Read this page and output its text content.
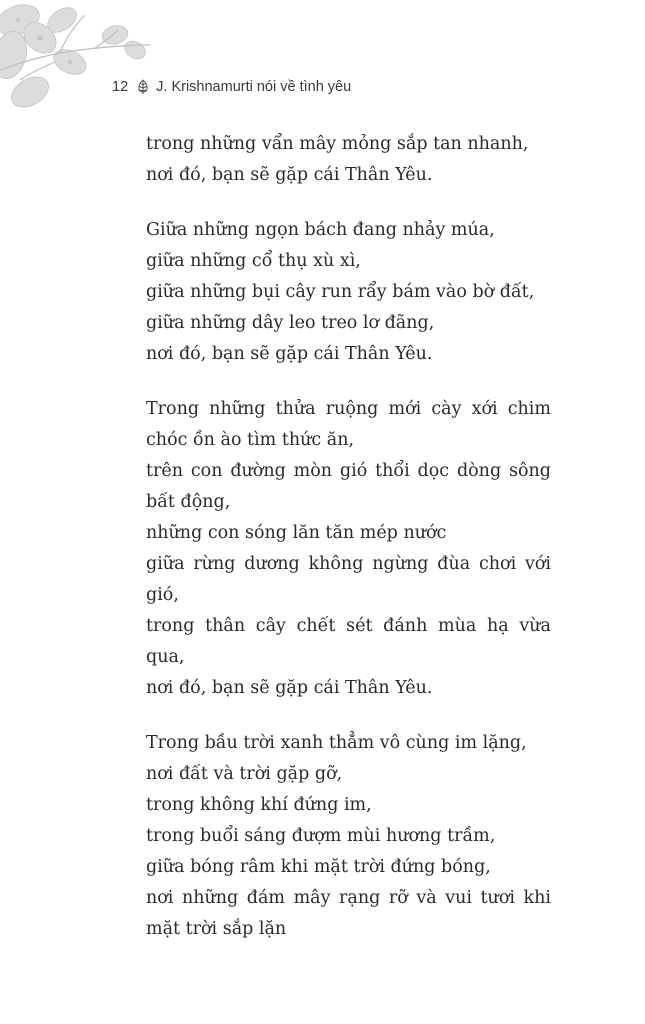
12 J. Krishnamurti nói về tình yêu
trong những vẩn mây mỏng sắp tan nhanh,
nơi đó, bạn sẽ gặp cái Thân Yêu.
Giữa những ngọn bách đang nhảy múa,
giữa những cổ thụ xù xì,
giữa những bụi cây run rẩy bám vào bờ đất,
giữa những dây leo treo lơ đãng,
nơi đó, bạn sẽ gặp cái Thân Yêu.
Trong những thửa ruộng mới cày xới chim chóc ồn ào tìm thức ăn,
trên con đường mòn gió thổi dọc dòng sông bất động,
những con sóng lăn tăn mép nước
giữa rừng dương không ngừng đùa chơi với gió,
trong thân cây chết sét đánh mùa hạ vừa qua,
nơi đó, bạn sẽ gặp cái Thân Yêu.
Trong bầu trời xanh thẳm vô cùng im lặng,
nơi đất và trời gặp gỡ,
trong không khí đứng im,
trong buổi sáng đượm mùi hương trầm,
giữa bóng râm khi mặt trời đứng bóng,
nơi những đám mây rạng rỡ và vui tươi khi mặt trời sắp lặn
